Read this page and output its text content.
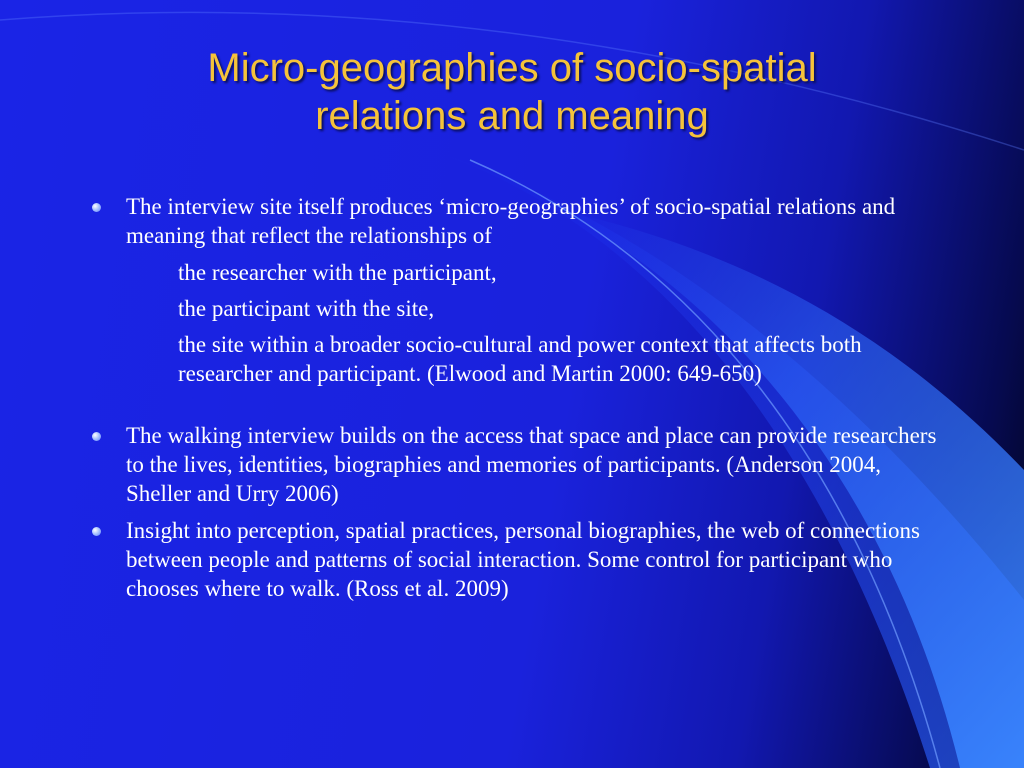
Micro-geographies of socio-spatial
relations and meaning
The interview site itself produces ‘micro-geographies’ of socio-spatial relations and meaning that reflect the relationships of
the researcher with the participant,
the participant with the site,
the site within a broader socio-cultural and power context that affects both researcher and participant. (Elwood and Martin 2000: 649-650)
The walking interview builds on the access that space and place can provide researchers to the lives, identities, biographies and memories of participants. (Anderson 2004, Sheller and Urry 2006)
Insight into perception, spatial practices, personal biographies, the web of connections between people and patterns of social interaction. Some control for participant who chooses where to walk. (Ross et al. 2009)
